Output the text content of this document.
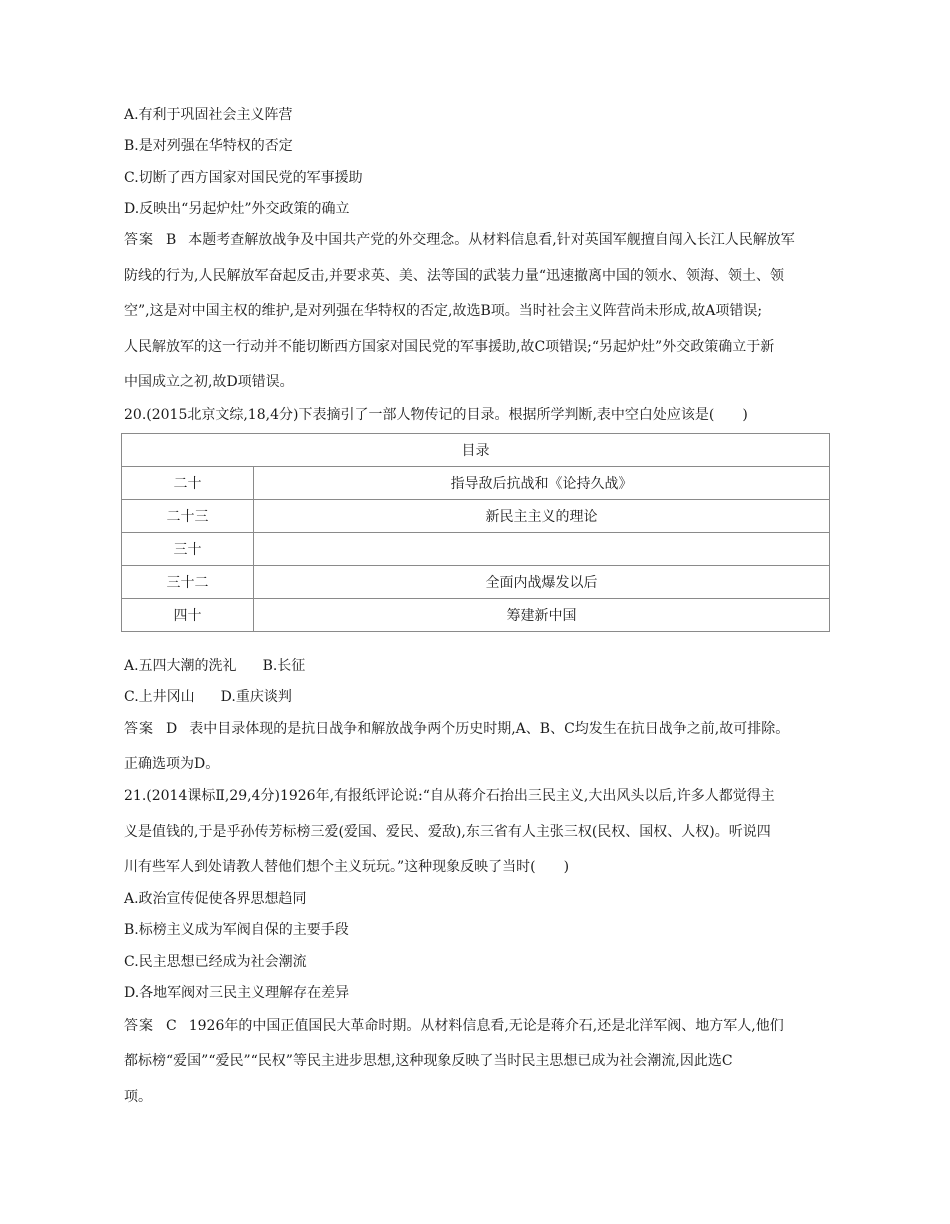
A.有利于巩固社会主义阵营
B.是对列强在华特权的否定
C.切断了西方国家对国民党的军事援助
D.反映出“另起炉灶”外交政策的确立
答案 B 本题考查解放战争及中国共产党的外交理念。从材料信息看,针对英国军舰擅自闯入长江人民解放军
防线的行为,人民解放军奋起反击,并要求英、美、法等国的武装力量“迅速撤离中国的领水、领海、领土、领
空”,这是对中国主权的维护,是对列强在华特权的否定,故选B项。当时社会主义阵营尚未形成,故A项错误;
人民解放军的这一行动并不能切断西方国家对国民党的军事援助,故C项错误;“另起炉灶”外交政策确立于新
中国成立之初,故D项错误。
20.(2015北京文综,18,4分)下表摘引了一部人物传记的目录。根据所学判断,表中空白处应该是(　　)
目录	
二十	指导敌后抗战和《论持久战》
二十三	新民主主义的理论
三十	
三十二	全面内战爆发以后
四十	筹建新中国
A.五四大潮的洗礼 B.长征
C.上井冈山 D.重庆谈判
答案 D 表中目录体现的是抗日战争和解放战争两个历史时期,A、B、C均发生在抗日战争之前,故可排除。
正确选项为D。
21.(2014课标Ⅱ,29,4分)1926年,有报纸评论说:“自从蒋介石抬出三民主义,大出风头以后,许多人都觉得主
义是值钱的,于是乎孙传芳标榜三爱(爱国、爱民、爱敌),东三省有人主张三权(民权、国权、人权)。听说四
川有些军人到处请教人替他们想个主义玩玩。”这种现象反映了当时(　　)
A.政治宣传促使各界思想趋同
B.标榜主义成为军阀自保的主要手段
C.民主思想已经成为社会潮流
D.各地军阀对三民主义理解存在差异
答案 C 1926年的中国正值国民大革命时期。从材料信息看,无论是蒋介石,还是北洋军阀、地方军人,他们
都标榜“爱国”“爱民”“民权”等民主进步思想,这种现象反映了当时民主思想已成为社会潮流,因此选C
项。
